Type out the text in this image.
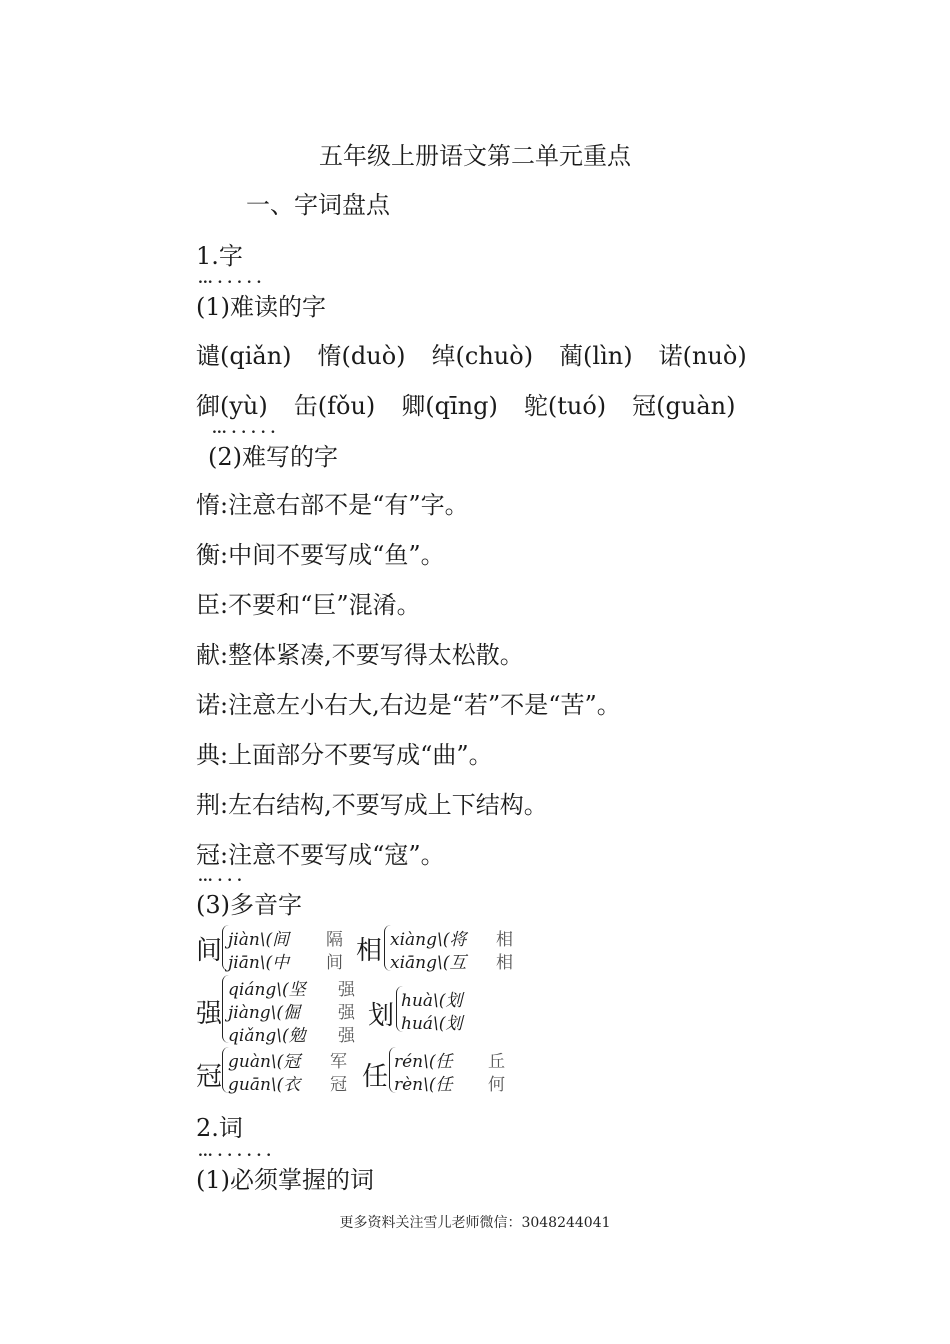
五年级上册语文第二单元重点
一、字词盘点
1.字
... . . . . .
(1)难读的字
谴(qiǎn) 惰(duò) 绰(chuò) 蔺(lìn) 诺(nuò)
御(yù) 缶(fǒu) 卿(qīng) 鸵(tuó) 冠(guàn)
... . . . . .
(2)难写的字
惰:注意右部不是“有”字。
衡:中间不要写成“鱼”。
臣:不要和“巨”混淆。
献:整体紧凑,不要写得太松散。
诺:注意左小右大,右边是“若”不是“苦”。
典:上面部分不要写成“曲”。
荆:左右结构,不要写成上下结构。
冠:注意不要写成“寇”。
... . . .
(3)多音字
间 jiàn\(间
jiān\(中
隔
间 相 xiàng\(将
xiāng\(互
相
相
强
qiáng\(坚
jiàng\(倔
qiǎng\(勉
强
强
强
划 huà\(划
huá\(划
冠 guàn\(冠
guān\(衣
军
冠 任 rén\(任
rèn\(任
丘
何
2.词
... . . . . . .
(1)必须掌握的词
更多资料关注雪儿老师微信：3048244041
